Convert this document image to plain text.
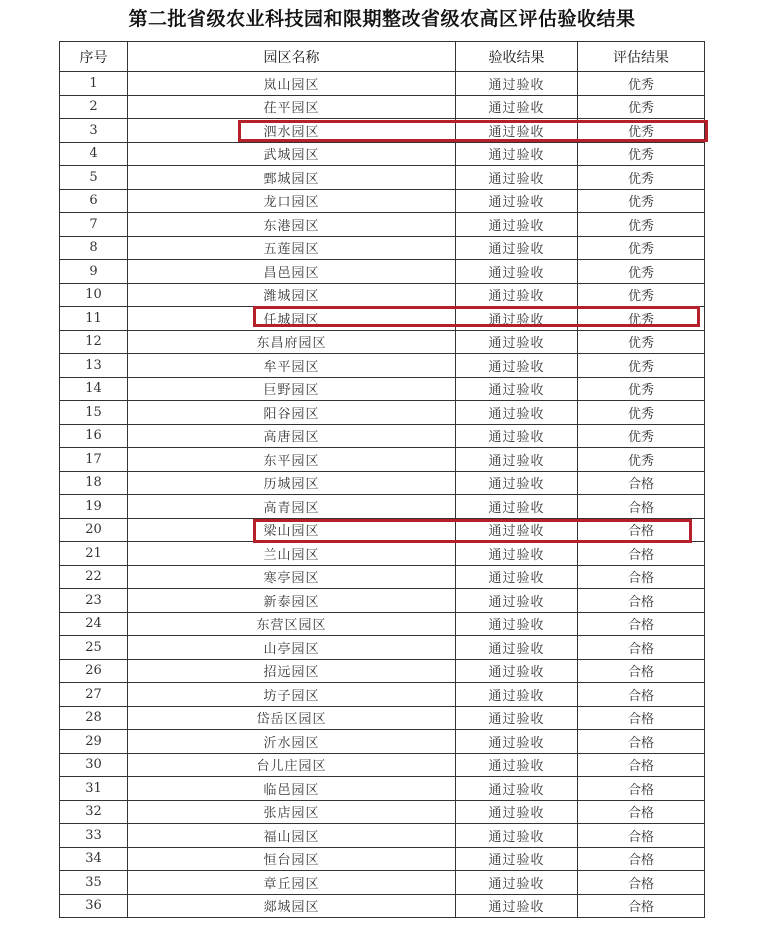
第二批省级农业科技园和限期整改省级农高区评估验收结果
序号	园区名称	验收结果	评估结果
1	岚山园区	通过验收	优秀
2	茌平园区	通过验收	优秀
3	泗水园区	通过验收	优秀
4	武城园区	通过验收	优秀
5	鄄城园区	通过验收	优秀
6	龙口园区	通过验收	优秀
7	东港园区	通过验收	优秀
8	五莲园区	通过验收	优秀
9	昌邑园区	通过验收	优秀
10	潍城园区	通过验收	优秀
11	任城园区	通过验收	优秀
12	东昌府园区	通过验收	优秀
13	牟平园区	通过验收	优秀
14	巨野园区	通过验收	优秀
15	阳谷园区	通过验收	优秀
16	高唐园区	通过验收	优秀
17	东平园区	通过验收	优秀
18	历城园区	通过验收	合格
19	高青园区	通过验收	合格
20	梁山园区	通过验收	合格
21	兰山园区	通过验收	合格
22	寒亭园区	通过验收	合格
23	新泰园区	通过验收	合格
24	东营区园区	通过验收	合格
25	山亭园区	通过验收	合格
26	招远园区	通过验收	合格
27	坊子园区	通过验收	合格
28	岱岳区园区	通过验收	合格
29	沂水园区	通过验收	合格
30	台儿庄园区	通过验收	合格
31	临邑园区	通过验收	合格
32	张店园区	通过验收	合格
33	福山园区	通过验收	合格
34	恒台园区	通过验收	合格
35	章丘园区	通过验收	合格
36	郯城园区	通过验收	合格
